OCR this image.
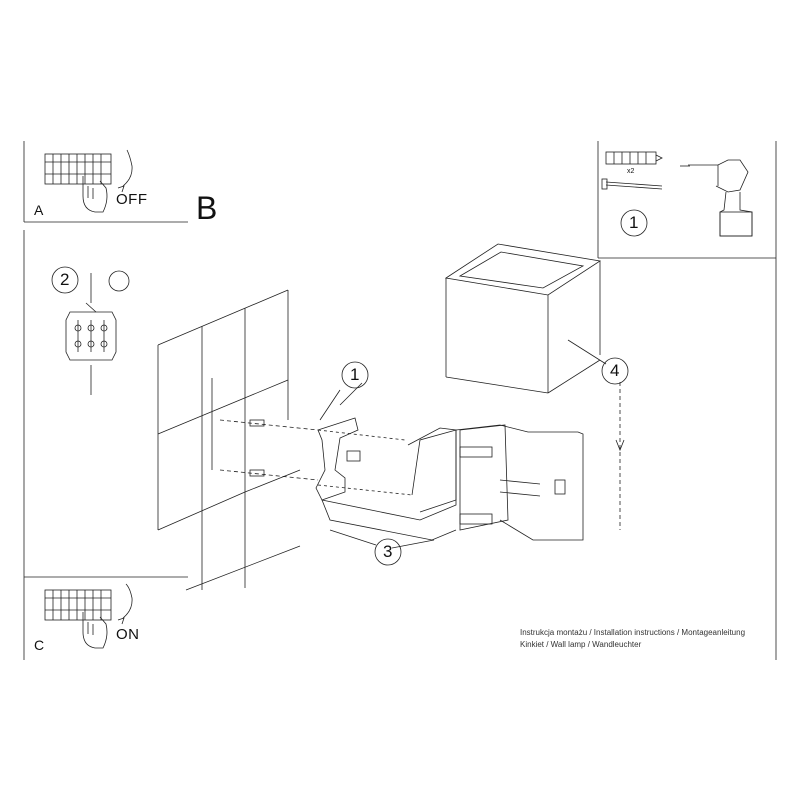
A
OFF B
C
ON
x2
1
1
2
3
4
Instrukcja montażu / Installation instructions / Montageanleitung
Kinkiet / Wall lamp / Wandleuchter
